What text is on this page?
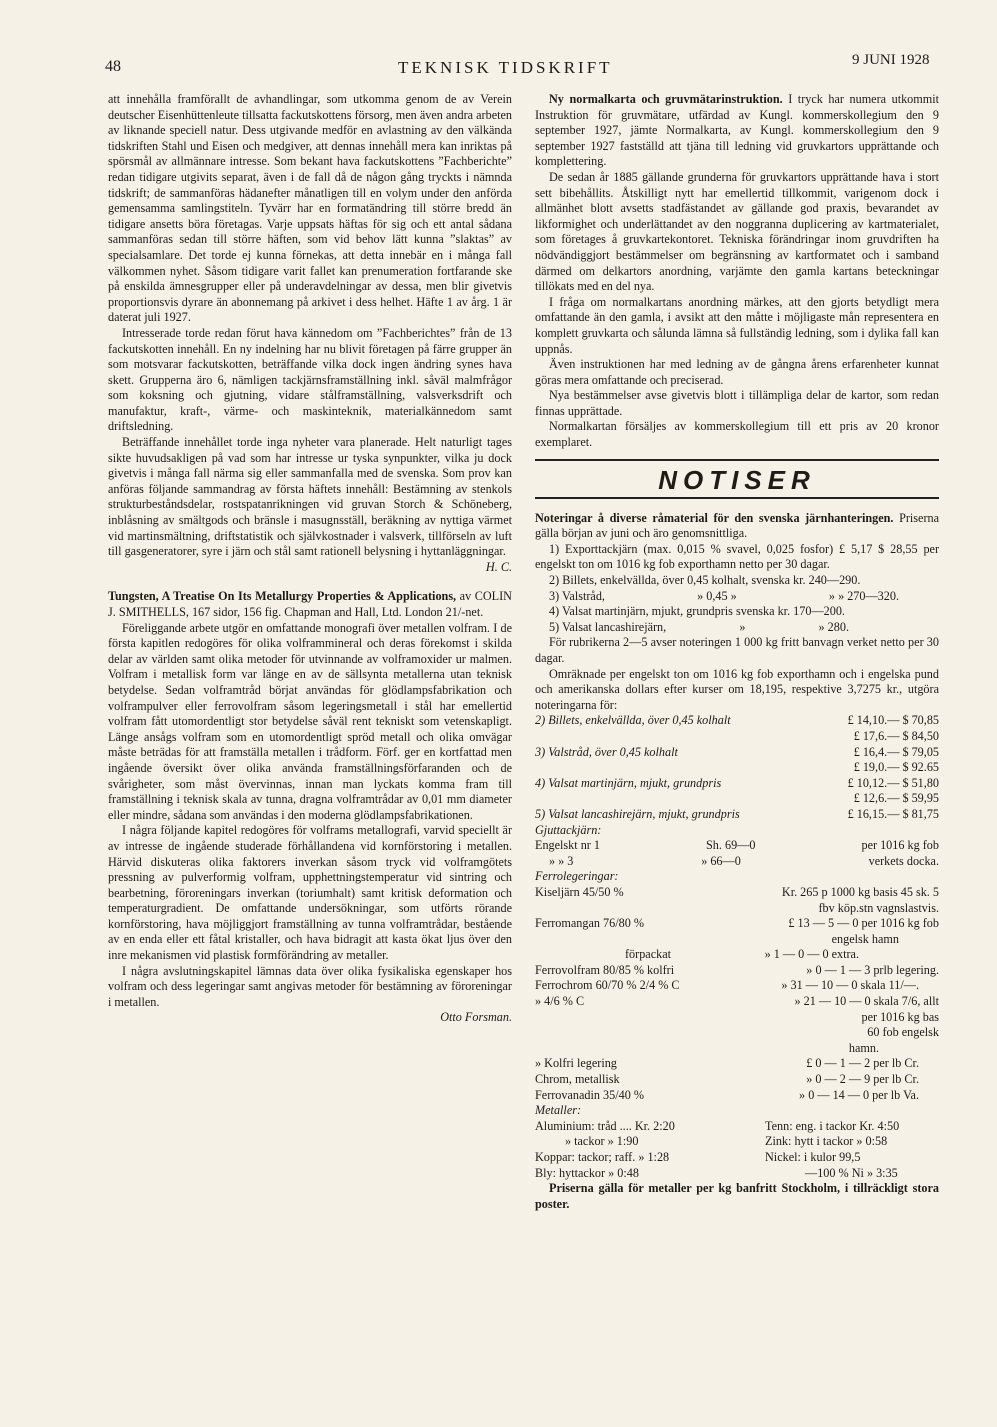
48	TEKNISK TIDSKRIFT	9 JUNI 1928

att innehålla framförallt de avhandlingar, som utkomma genom de av Verein deutscher Eisenhüttenleute tillsatta fackutskottens försorg, men även andra arbeten av liknande speciell natur. Dess utgivande medför en avlastning av den välkända tidskriften Stahl und Eisen och medgiver, att dennas innehåll mera kan inriktas på spörsmål av allmännare intresse. Som bekant hava fackutskottens ”Fachberichte” redan tidigare utgivits separat, även i de fall då de någon gång tryckts i nämnda tidskrift; de sammanföras hädanefter månatligen till en volym under den anförda gemensamma samlingstiteln. Tyvärr har en formatändring till större bredd än tidigare ansetts böra företagas. Varje uppsats häftas för sig och ett antal sådana sammanföras sedan till större häften, som vid behov lätt kunna ”slaktas” av specialsamlare. Det torde ej kunna förnekas, att detta innebär en i många fall välkommen nyhet. Såsom tidigare varit fallet kan prenumeration fortfarande ske på enskilda ämnesgrupper eller på underavdelningar av dessa, men blir givetvis proportionsvis dyrare än abonnemang på arkivet i dess helhet. Häfte 1 av årg. 1 är daterat juli 1927.

Intresserade torde redan förut hava kännedom om ”Fachberichtes” från de 13 fackutskotten innehåll. En ny indelning har nu blivit företagen på färre grupper än som motsvarar fackutskotten, beträffande vilka dock ingen ändring synes hava skett. Grupperna äro 6, nämligen tackjärnsframställning inkl. såväl malmfrågor som koksning och gjutning, vidare stålframställning, valsverksdrift och manufaktur, kraft-, värme- och maskinteknik, materialkännedom samt driftsledning.

Beträffande innehållet torde inga nyheter vara planerade. Helt naturligt tages sikte huvudsakligen på vad som har intresse ur tyska synpunkter, vilka ju dock givetvis i många fall närma sig eller sammanfalla med de svenska. Som prov kan anföras följande sammandrag av första häftets innehåll: Bestämning av stenkols strukturbeståndsdelar, rostspatanrikningen vid gruvan Storch & Schöneberg, inblåsning av smältgods och bränsle i masugnsställ, beräkning av nyttiga värmet vid martinsmältning, driftstatistik och självkostnader i valsverk, tillförseln av luft till gasgeneratorer, syre i järn och stål samt rationell belysning i hyttanläggningar.

H. C.

Tungsten, A Treatise On Its Metallurgy Properties & Applications, av COLIN J. SMITHELLS, 167 sidor, 156 fig. Chapman and Hall, Ltd. London 21/-net.

Föreliggande arbete utgör en omfattande monografi över metallen volfram. I de första kapitlen redogöres för olika volframmineral och deras förekomst i skilda delar av världen samt olika metoder för utvinnande av volframoxider ur malmen. Volfram i metallisk form var länge en av de sällsynta metallerna utan teknisk betydelse. Sedan volframtråd börjat användas för glödlampsfabrikation och volframpulver eller ferrovolfram såsom legeringsmetall i stål har emellertid volfram fått utomordentligt stor betydelse såväl rent tekniskt som vetenskapligt. Länge ansågs volfram som en utomordentligt spröd metall och olika omvägar måste beträdas för att framställa metallen i trådform. Förf. ger en kortfattad men ingående översikt över olika använda framställningsförfaranden och de svårigheter, som måst övervinnas, innan man lyckats komma fram till framställning i teknisk skala av tunna, dragna volframtrådar av 0,01 mm diameter eller mindre, sådana som användas i den moderna glödlampsfabrikationen.

I några följande kapitel redogöres för volframs metallografi, varvid speciellt är av intresse de ingående studerade förhållandena vid kornförstoring i metallen. Härvid diskuteras olika faktorers inverkan såsom tryck vid volframgötets pressning av pulverformig volfram, upphettningstemperatur vid sintring och bearbetning, föroreningars inverkan (toriumhalt) samt kritisk deformation och temperaturgradient. De omfattande undersökningar, som utförts rörande kornförstoring, hava möjliggjort framställning av tunna volframtrådar, bestående av en enda eller ett fåtal kristaller, och hava bidragit att kasta ökat ljus över den inre mekanismen vid plastisk formförändring av metaller.

I några avslutningskapitel lämnas data över olika fysikaliska egenskaper hos volfram och dess legeringar samt angivas metoder för bestämning av föroreningar i metallen.

Otto Forsman.

Ny normalkarta och gruvmätarinstruktion. I tryck har numera utkommit Instruktion för gruvmätare, utfärdad av Kungl. kommerskollegium den 9 september 1927, jämte Normalkarta, av Kungl. kommerskollegium den 9 september 1927 fastställd att tjäna till ledning vid gruvkartors upprättande och komplettering.

De sedan år 1885 gällande grunderna för gruvkartors upprättande hava i stort sett bibehållits. Åtskilligt nytt har emellertid tillkommit, varigenom dock i allmänhet blott avsetts stadfästandet av gällande god praxis, bevarandet av likformighet och underlättandet av den noggranna duplicering av kartmaterialet, som företages å gruvkartekontoret. Tekniska förändringar inom gruvdriften ha nödvändiggjort bestämmelser om begränsning av kartformatet och i samband därmed om delkartors anordning, varjämte den gamla kartans beteckningar tillökats med en del nya.

I fråga om normalkartans anordning märkes, att den gjorts betydligt mera omfattande än den gamla, i avsikt att den måtte i möjligaste mån representera en komplett gruvkarta och sålunda lämna så fullständig ledning, som i dylika fall kan uppnås.

Även instruktionen har med ledning av de gångna årens erfarenheter kunnat göras mera omfattande och preciserad.

Nya bestämmelser avse givetvis blott i tillämpliga delar de kartor, som redan finnas upprättade.

Normalkartan försäljes av kommerskollegium till ett pris av 20 kronor exemplaret.

NOTISER

Noteringar å diverse råmaterial för den svenska järnhanteringen. Priserna gälla början av juni och äro genomsnittliga.

1) Exporttackjärn (max. 0,015 % svavel, 0,025 fosfor) £ 5,17 $ 28,55 per engelskt ton om 1016 kg fob exporthamn netto per 30 dagar.

2) Billets, enkelvällda, över 0,45 kolhalt, svenska kr. 240—290.

3) Valstråd,	» 0,45 »	» » 270—320.

4) Valsat martinjärn, mjukt, grundpris svenska kr. 170—200.

5) Valsat lancashirejärn,	»	» 280.

För rubrikerna 2—5 avser noteringen 1 000 kg fritt banvagn verket netto per 30 dagar.

Omräknade per engelskt ton om 1016 kg fob exporthamn och i engelska pund och amerikanska dollars efter kurser om 18,195, respektive 3,7275 kr., utgöra noteringarna för:

2) Billets, enkelvällda, över 0,45 kolhalt	£ 14,10.— $ 70,85
£ 17,6.— $ 84,50
3) Valstråd, över 0,45 kolhalt	£ 16,4.— $ 79,05
£ 19,0.— $ 92.65
4) Valsat martinjärn, mjukt, grundpris	£ 10,12.— $ 51,80
£ 12,6.— $ 59,95
5) Valsat lancashirejärn, mjukt, grundpris	£ 16,15.— $ 81,75

Gjuttackjärn:

Engelskt nr 1	Sh. 69—0	per 1016 kg fob
» » 3	» 66—0	verkets docka.

Ferrolegeringar:

Kiseljärn 45/50 %	Kr. 265 p 1000 kg basis 45 sk. 5
fbv köp.stn vagnslastvis.
Ferromangan 76/80 %	£ 13 — 5 — 0 per 1016 kg fob
engelsk hamn
förpackat	» 1 — 0 — 0 extra.
Ferrovolfram 80/85 % kolfri	» 0 — 1 — 3 prlb legering.
Ferrochrom 60/70 % 2/4 % C	» 31 — 10 — 0 skala 11/—.
» 4/6 % C	» 21 — 10 — 0 skala 7/6, allt
per 1016 kg bas
60 fob engelsk
hamn.
» Kolfri legering	£ 0 — 1 — 2 per lb Cr.
Chrom, metallisk	» 0 — 2 — 9 per lb Cr.
Ferrovanadin 35/40 %	» 0 — 14 — 0 per lb Va.

Metaller:

Aluminium: tråd .... Kr. 2:20	Tenn: eng. i tackor Kr. 4:50
» tackor » 1:90	Zink: hytt i tackor » 0:58
Koppar: tackor; raff. » 1:28	Nickel: i kulor 99,5
Bly: hyttackor » 0:48	—100 % Ni » 3:35

Priserna gälla för metaller per kg banfritt Stockholm, i tillräckligt stora poster.
